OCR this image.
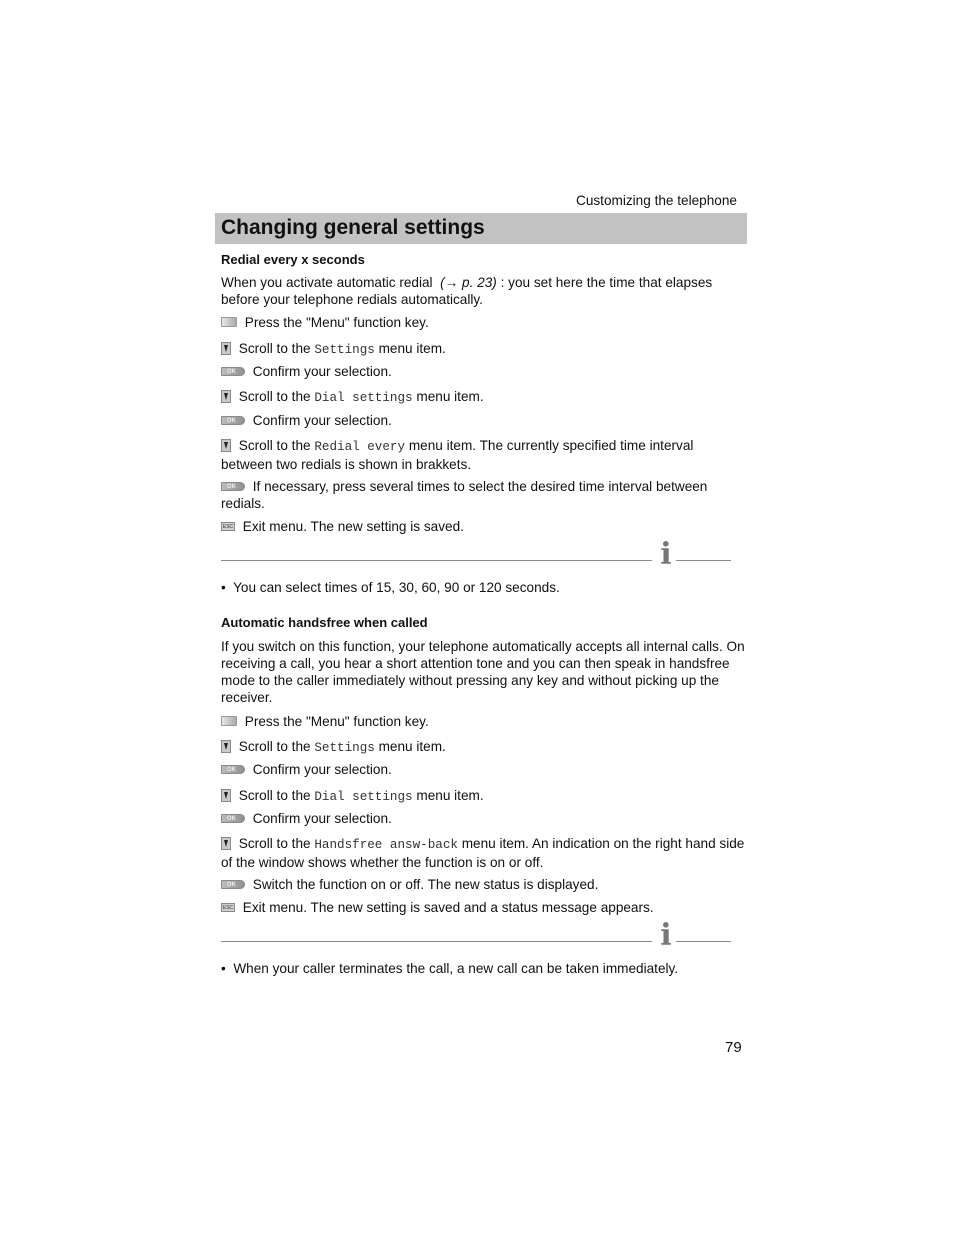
Customizing the telephone
Changing general settings
Redial every x seconds
When you activate automatic redial (→ p. 23) : you set here the time that elapses before your telephone redials automatically.
Press the "Menu" function key.
Scroll to the Settings menu item.
OK Confirm your selection.
Scroll to the Dial settings menu item.
OK Confirm your selection.
Scroll to the Redial every menu item. The currently specified time interval between two redials is shown in brakkets.
OK If necessary, press several times to select the desired time interval between redials.
ESC Exit menu. The new setting is saved.
i
• You can select times of 15, 30, 60, 90 or 120 seconds.
Automatic handsfree when called
If you switch on this function, your telephone automatically accepts all internal calls. On receiving a call, you hear a short attention tone and you can then speak in handsfree mode to the caller immediately without pressing any key and without picking up the receiver.
Press the "Menu" function key.
Scroll to the Settings menu item.
OK Confirm your selection.
Scroll to the Dial settings menu item.
OK Confirm your selection.
Scroll to the Handsfree answ-back menu item. An indication on the right hand side of the window shows whether the function is on or off.
OK Switch the function on or off. The new status is displayed.
ESC Exit menu. The new setting is saved and a status message appears.
i
• When your caller terminates the call, a new call can be taken immediately.
79
